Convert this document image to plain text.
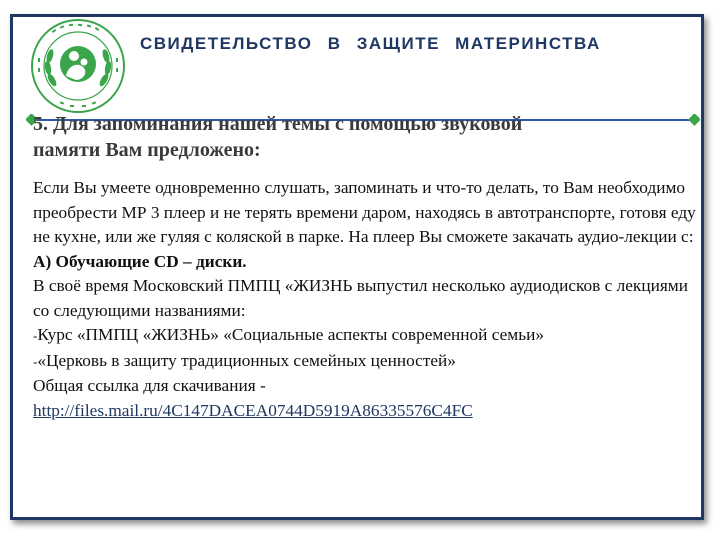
СВИДЕТЕЛЬСТВО В ЗАЩИТЕ МАТЕРИНСТВА
5. Для запоминания нашей темы с помощью звуковой
памяти Вам предложено:

Если Вы умеете одновременно слушать, запоминать и что-то делать, то Вам необходимо преобрести МР 3 плеер и не терять времени даром, находясь в автотранспорте, готовя еду не кухне, или же гуляя с коляской в парке. На плеер Вы сможете закачать аудио-лекции с:

А) Обучающие CD – диски.

В своё время Московский ПМПЦ «ЖИЗНЬ выпустил несколько аудиодисков с лекциями со следующими названиями:

-Курс «ПМПЦ «ЖИЗНЬ» «Социальные аспекты современной семьи»

-«Церковь в защиту традиционных семейных ценностей»

Общая ссылка для скачивания -

http://files.mail.ru/4C147DACEA0744D5919A86335576C4FC
